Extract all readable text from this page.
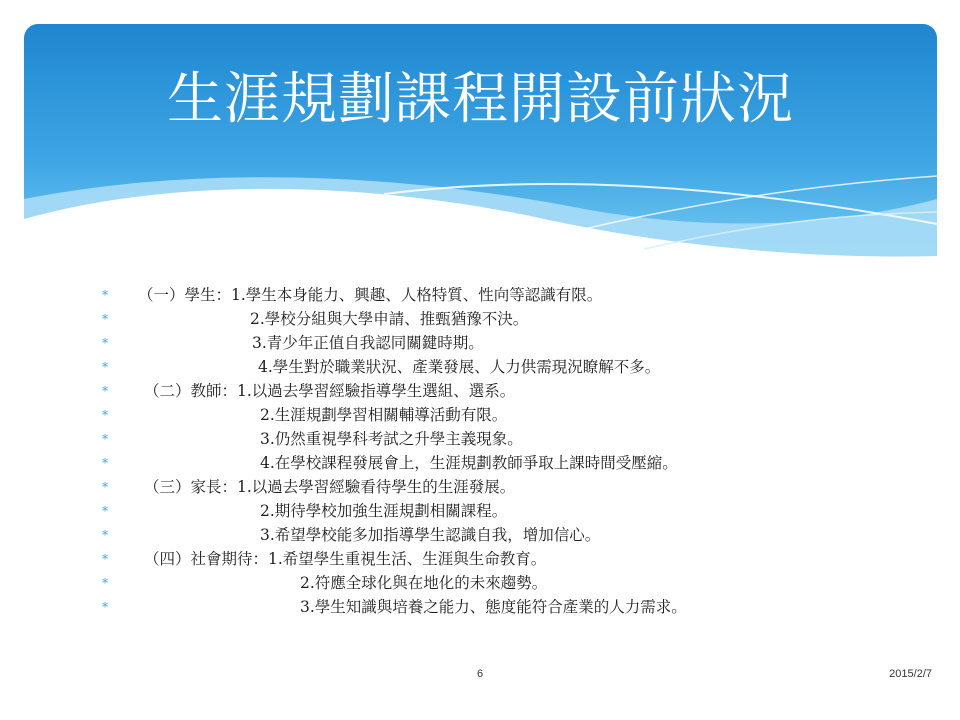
生涯規劃課程開設前狀況
*	（一）學生：1.學生本身能力、興趣、人格特質、性向等認識有限。
*	2.學校分組與大學申請、推甄猶豫不決。
*	3.青少年正值自我認同關鍵時期。
*	4.學生對於職業狀況、產業發展、人力供需現況瞭解不多。
*	（二）教師：1.以過去學習經驗指導學生選組、選系。
*	2.生涯規劃學習相關輔導活動有限。
*	3.仍然重視學科考試之升學主義現象。
*	4.在學校課程發展會上，生涯規劃教師爭取上課時間受壓縮。
*	（三）家長：1.以過去學習經驗看待學生的生涯發展。
*	2.期待學校加強生涯規劃相關課程。
*	3.希望學校能多加指導學生認識自我，增加信心。
*	（四）社會期待：1.希望學生重視生活、生涯與生命教育。
*	2.符應全球化與在地化的未來趨勢。
*	3.學生知識與培養之能力、態度能符合產業的人力需求。
6	2015/2/7
